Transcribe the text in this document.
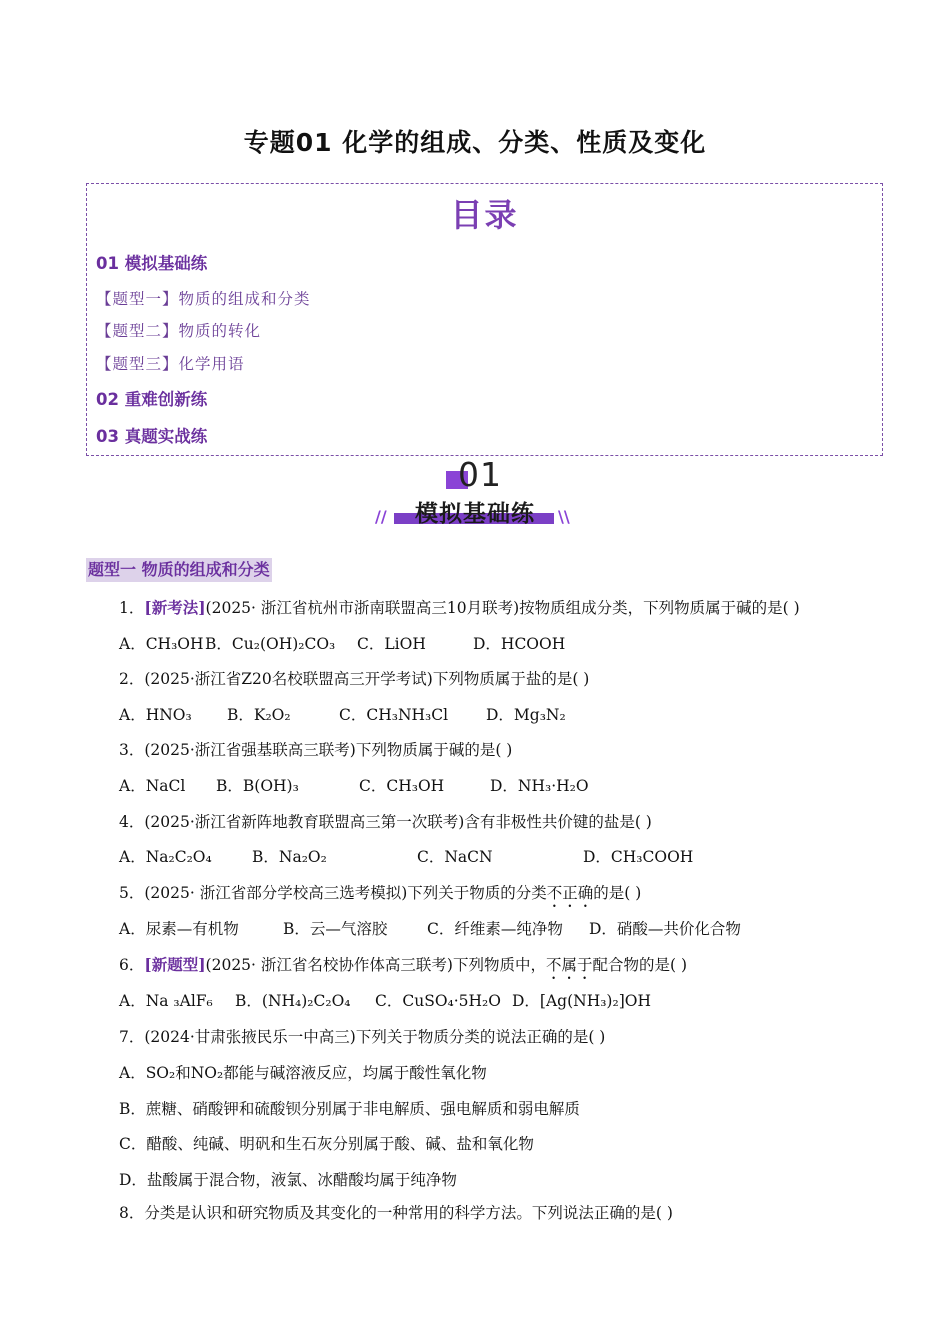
专题01 化学的组成、分类、性质及变化
目录
01 模拟基础练
【题型一】物质的组成和分类
【题型二】物质的转化
【题型三】化学用语
02 重难创新练
03 真题实战练
01
//	模拟基础练	\\
题型一 物质的组成和分类
1．[新考法](2025· 浙江省杭州市浙南联盟高三10月联考)按物质组成分类，下列物质属于碱的是( )
A．CH₃OHB．Cu₂(OH)₂CO₃ C．LiOH	D．HCOOH
2．(2025·浙江省Z20名校联盟高三开学考试)下列物质属于盐的是( )
A．HNO₃ B．K₂O₂	C．CH₃NH₃Cl D．Mg₃N₂
3．(2025·浙江省强基联高三联考)下列物质属于碱的是( )
A．NaCl B．B(OH)₃	C．CH₃OH	D．NH₃·H₂O
4．(2025·浙江省新阵地教育联盟高三第一次联考)含有非极性共价键的盐是( )
A．Na₂C₂O₄	B．Na₂O₂	C．NaCN	D．CH₃COOH
5．(2025· 浙江省部分学校高三选考模拟)下列关于物质的分类不正确的是( )
A．尿素—有机物	B．云—气溶胶	C．纤维素—纯净物 D．硝酸—共价化合物
6．[新题型](2025· 浙江省名校协作体高三联考)下列物质中，不属于配合物的是( )
A．Na ₃AlF₆ B．(NH₄)₂C₂O₄ C．CuSO₄·5H₂O D．[Ag(NH₃)₂]OH
7．(2024·甘肃张掖民乐一中高三)下列关于物质分类的说法正确的是( )
A．SO₂和NO₂都能与碱溶液反应，均属于酸性氧化物
B．蔗糖、硝酸钾和硫酸钡分别属于非电解质、强电解质和弱电解质
C．醋酸、纯碱、明矾和生石灰分别属于酸、碱、盐和氧化物
D．盐酸属于混合物，液氯、冰醋酸均属于纯净物
8．分类是认识和研究物质及其变化的一种常用的科学方法。下列说法正确的是( )
